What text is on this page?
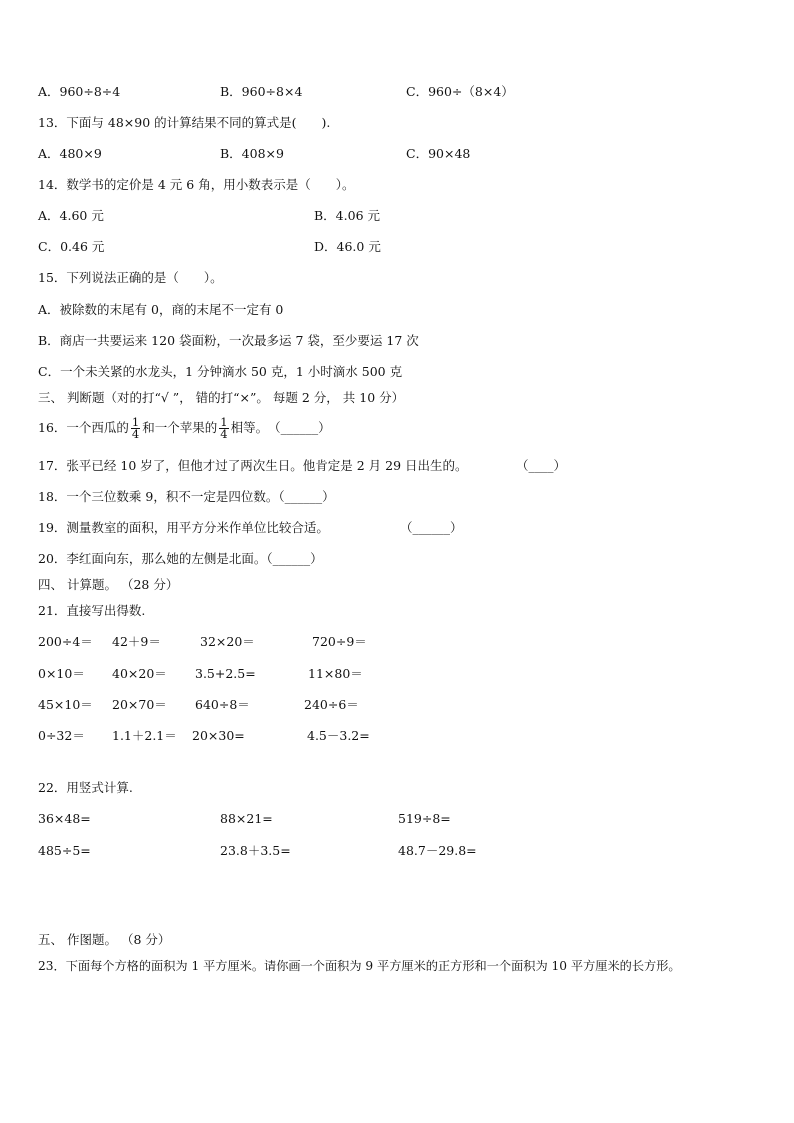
A．960÷8÷4	B．960÷8×4	C．960÷（8×4）
13．下面与 48×90 的计算结果不同的算式是(　　).
A．480×9	B．408×9	C．90×48
14．数学书的定价是 4 元 6 角，用小数表示是（　　）。
A．4.60 元	B．4.06 元
C．0.46 元	D．46.0 元
15．下列说法正确的是（　　）。
A．被除数的末尾有 0，商的末尾不一定有 0
B．商店一共要运来 120 袋面粉，一次最多运 7 袋，至少要运 17 次
C．一个未关紧的水龙头，1 分钟滴水 50 克，1 小时滴水 500 克
三、 判断题（对的打“√ ”， 错的打“×”。 每题 2 分， 共 10 分）
16．一个西瓜的 $\frac{1}{4}$ 和一个苹果的 $\frac{1}{4}$ 相等。（______）
17．张平已经 10 岁了，但他才过了两次生日。他肯定是 2 月 29 日出生的。	（____）
18．一个三位数乘 9，积不一定是四位数。（______）
19．测量教室的面积，用平方分米作单位比较合适。	（______）
20．李红面向东，那么她的左侧是北面。（______）
四、 计算题。 （28 分）
21．直接写出得数.
200÷4＝ 42＋9＝	32×20＝	720÷9＝
0×10＝ 40×20＝ 3.5+2.5=	11×80＝
45×10＝ 20×70＝ 640÷8＝	240÷6＝
0÷32＝ 1.1＋2.1＝ 20×30=	4.5－3.2=
22．用竖式计算.
36×48=	88×21=	519÷8=
485÷5=	23.8＋3.5=	48.7－29.8=
五、 作图题。 （8 分）
23．下面每个方格的面积为 1 平方厘米。请你画一个面积为 9 平方厘米的正方形和一个面积为 10 平方厘米的长方形。
